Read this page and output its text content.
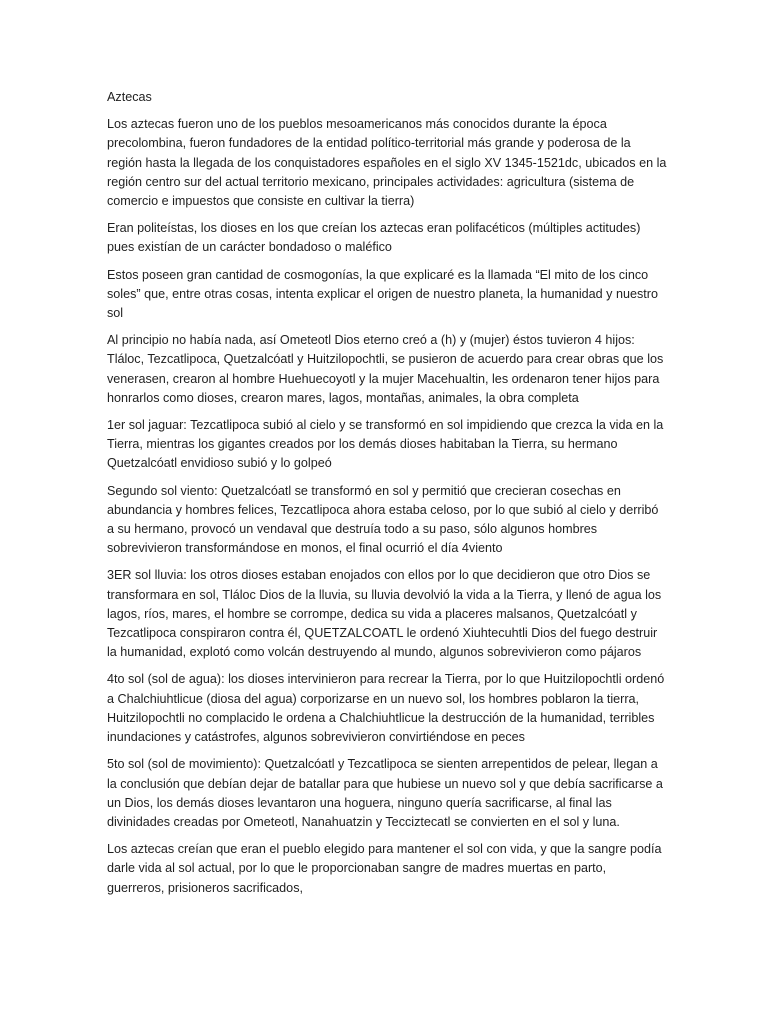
Aztecas

Los aztecas fueron uno de los pueblos mesoamericanos más conocidos durante la época precolombina, fueron fundadores de la entidad político-territorial más grande y poderosa de la región hasta la llegada de los conquistadores españoles en el siglo XV 1345-1521dc, ubicados en la región centro sur del actual territorio mexicano, principales actividades: agricultura (sistema de comercio e impuestos que consiste en cultivar la tierra)

Eran politeístas, los dioses en los que creían los aztecas eran polifacéticos (múltiples actitudes) pues existían de un carácter bondadoso o maléfico

Estos poseen gran cantidad de cosmogonías, la que explicaré es la llamada “El mito de los cinco soles” que, entre otras cosas, intenta explicar el origen de nuestro planeta, la humanidad y nuestro sol

Al principio no había nada, así Ometeotl Dios eterno creó a (h) y (mujer) éstos tuvieron 4 hijos: Tláloc, Tezcatlipoca, Quetzalcóatl y Huitzilopochtli, se pusieron de acuerdo para crear obras que los venerasen, crearon al hombre Huehuecoyotl y la mujer Macehualtin, les ordenaron tener hijos para honrarlos como dioses, crearon mares, lagos, montañas, animales, la obra completa

1er sol jaguar: Tezcatlipoca subió al cielo y se transformó en sol impidiendo que crezca la vida en la Tierra, mientras los gigantes creados por los demás dioses habitaban la Tierra, su hermano Quetzalcóatl envidioso subió y lo golpeó

Segundo sol viento: Quetzalcóatl se transformó en sol y permitió que crecieran cosechas en abundancia y hombres felices, Tezcatlipoca ahora estaba celoso, por lo que subió al cielo y derribó a su hermano, provocó un vendaval que destruía todo a su paso, sólo algunos hombres sobrevivieron transformándose en monos, el final ocurrió el día 4viento

3ER sol lluvia: los otros dioses estaban enojados con ellos por lo que decidieron que otro Dios se transformara en sol, Tláloc Dios de la lluvia, su lluvia devolvió la vida a la Tierra, y llenó de agua los lagos, ríos, mares, el hombre se corrompe, dedica su vida a placeres malsanos, Quetzalcóatl y Tezcatlipoca conspiraron contra él, QUETZALCOATL le ordenó Xiuhtecuhtli Dios del fuego destruir la humanidad, explotó como volcán destruyendo al mundo, algunos sobrevivieron como pájaros

4to sol (sol de agua): los dioses intervinieron para recrear la Tierra, por lo que Huitzilopochtli ordenó a Chalchiuhtlicue (diosa del agua) corporizarse en un nuevo sol, los hombres poblaron la tierra, Huitzilopochtli no complacido le ordena a Chalchiuhtlicue la destrucción de la humanidad, terribles inundaciones y catástrofes, algunos sobrevivieron convirtiéndose en peces

5to sol (sol de movimiento): Quetzalcóatl y Tezcatlipoca se sienten arrepentidos de pelear, llegan a la conclusión que debían dejar de batallar para que hubiese un nuevo sol y que debía sacrificarse a un Dios, los demás dioses levantaron una hoguera, ninguno quería sacrificarse, al final las divinidades creadas por Ometeotl, Nanahuatzin y Tecciztecatl se convierten en el sol y luna.

Los aztecas creían que eran el pueblo elegido para mantener el sol con vida, y que la sangre podía darle vida al sol actual, por lo que le proporcionaban sangre de madres muertas en parto, guerreros, prisioneros sacrificados,
